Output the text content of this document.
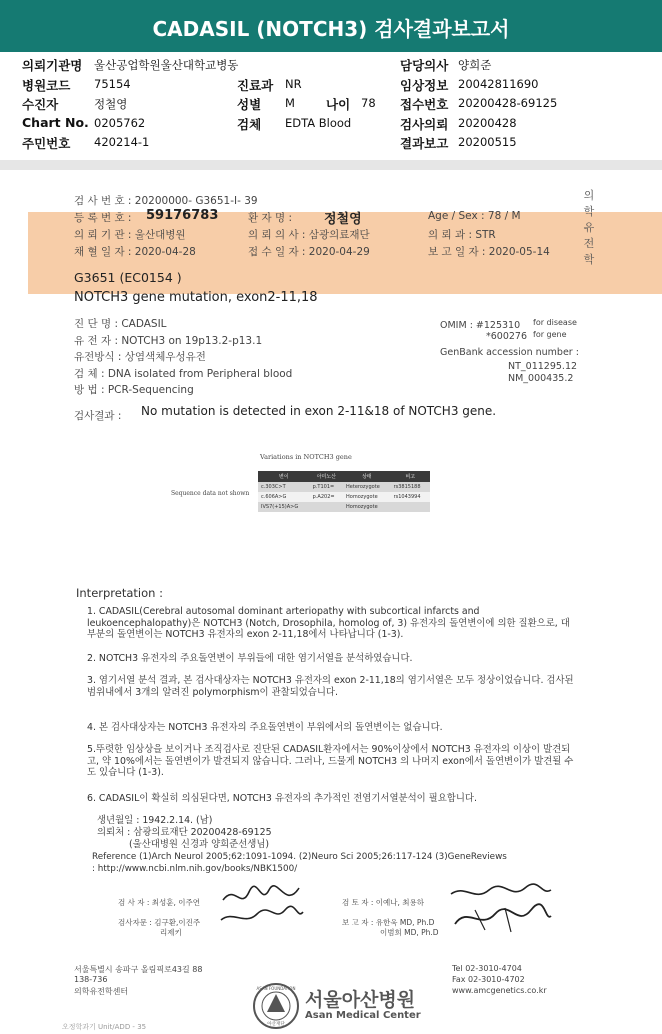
CADASIL (NOTCH3) 검사결과보고서
의뢰기관명 울산공업학원울산대학교병동	담당의사 양희준
병원코드 75154	진료과 NR	임상정보 20042811690
수진자	정철영	성별 M 나이 78 접수번호 20200428-69125
Chart No. 0205762	검체 EDTA Blood	검사의뢰 20200428
주민번호 420214-1	결과보고 20200515
검 사 번 호 : 20200000- G3651-I- 39
등 록 번 호 : 59176783	환 자 명 : 정철영	Age / Sex : 78 / M
의 뢰 기 관 : 울산대병원	의 뢰 의 사 : 삼광의료재단	의 뢰 과 : STR
채 혈 일 자 : 2020-04-28	접 수 일 자 : 2020-04-29	보 고 일 자 : 2020-05-14
의학유전학
G3651 (EC0154 )
NOTCH3 gene mutation, exon2-11,18
진 단 명 : CADASIL
유 전 자 : NOTCH3 on 19p13.2-p13.1
유전방식 : 상염색체우성유전
검 체 : DNA isolated from Peripheral blood
방 법 : PCR-Sequencing
OMIM : #125310 for disease
*600276 for gene
GenBank accession number :
NT_011295.12
NM_000435.2
검사결과 : No mutation is detected in exon 2-11&18 of NOTCH3 gene.
Variations in NOTCH3 gene
Sequence data not shown
변이	아미노산	상태	비고
c.303C>T	p.T101=	Heterozygote	rs3815188
c.606A>G	p.A202=	Homozygote	rs1043994
IVS7(+15)A>G		Homozygote	
Interpretation :
1. CADASIL(Cerebral autosomal dominant arteriopathy with subcortical infarcts and leukoencephalopathy)은 NOTCH3 (Notch, Drosophila, homolog of, 3) 유전자의 돌연변이에 의한 질환으로, 대부분의 돌연변이는 NOTCH3 유전자의 exon 2-11,18에서 나타납니다 (1-3).
2. NOTCH3 유전자의 주요돌연변이 부위들에 대한 염기서열을 분석하였습니다.
3. 염기서열 분석 결과, 본 검사대상자는 NOTCH3 유전자의 exon 2-11,18의 염기서열은 모두 정상이었습니다. 검사된 범위내에서 3개의 알려진 polymorphism이 관찰되었습니다.
4. 본 검사대상자는 NOTCH3 유전자의 주요돌연변이 부위에서의 돌연변이는 없습니다.
5.뚜렷한 임상상을 보이거나 조직검사로 진단된 CADASIL환자에서는 90%이상에서 NOTCH3 유전자의 이상이 발견되고, 약 10%에서는 돌연변이가 발견되지 않습니다. 그러나, 드물게 NOTCH3 의 나머지 exon에서 돌연변이가 발견될 수도 있습니다 (1-3).
6. CADASIL이 확실히 의심된다면, NOTCH3 유전자의 추가적인 전염기서열분석이 필요합니다.
생년월일 : 1942.2.14. (남)
의뢰처 : 삼광의료재단 20200428-69125
(울산대병원 신경과 양희준선생님)
Reference (1)Arch Neurol 2005;62:1091-1094. (2)Neuro Sci 2005;26:117-124 (3)GeneReviews : http://www.ncbi.nlm.nih.gov/books/NBK1500/
검 사 자 : 최성훈, 이주연
검사자문 : 김구환,이진주
리제키
검 토 자 : 이예나, 최용하
보 고 자 : 유한욱 MD, Ph.D
이범희 MD, Ph.D
서울특별시 송파구 올림픽로43길 88
138-736
의학유전학센터	ASAN FOUNDATION
아산재단
서울아산병원
Asan Medical Center
Tel 02-3010-4704
Fax 02-3010-4702
www.amcgenetics.co.kr
오정학과기 Unit/ADD - 35
